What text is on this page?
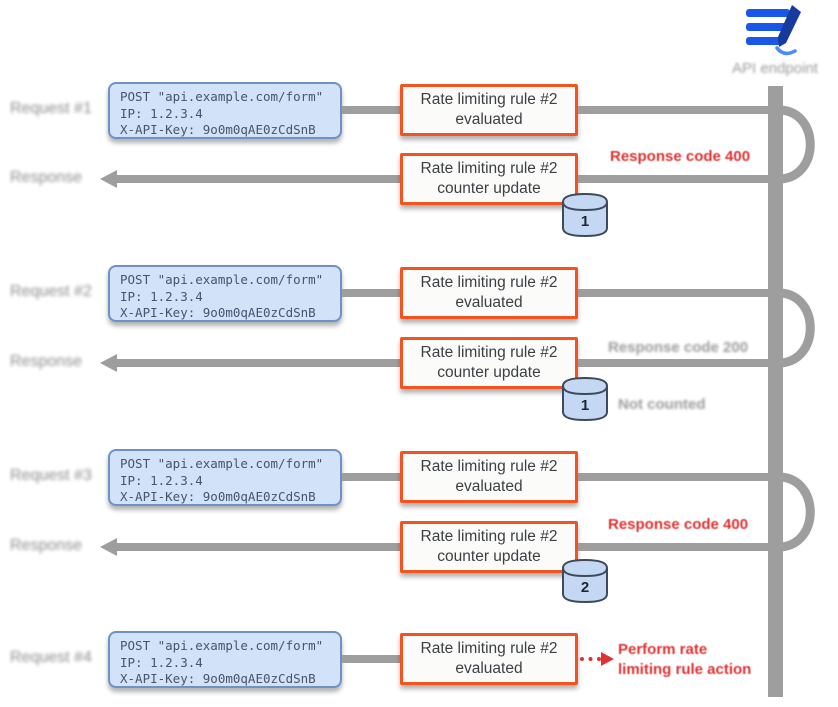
API endpoint
Request #1
POST "api.example.com/form"
IP: 1.2.3.4
X-API-Key: 9o0m0qAE0zCdSnB
Rate limiting rule #2
evaluated
Response
Rate limiting rule #2
counter update
Response code 400
1
Request #2
POST "api.example.com/form"
IP: 1.2.3.4
X-API-Key: 9o0m0qAE0zCdSnB
Rate limiting rule #2
evaluated
Response
Rate limiting rule #2
counter update
Response code 200
1	Not counted
Request #3
POST "api.example.com/form"
IP: 1.2.3.4
X-API-Key: 9o0m0qAE0zCdSnB
Rate limiting rule #2
evaluated
Response
Rate limiting rule #2
counter update
Response code 400
2
Request #4
POST "api.example.com/form"
IP: 1.2.3.4
X-API-Key: 9o0m0qAE0zCdSnB
Rate limiting rule #2
evaluated
Perform rate
limiting rule action
